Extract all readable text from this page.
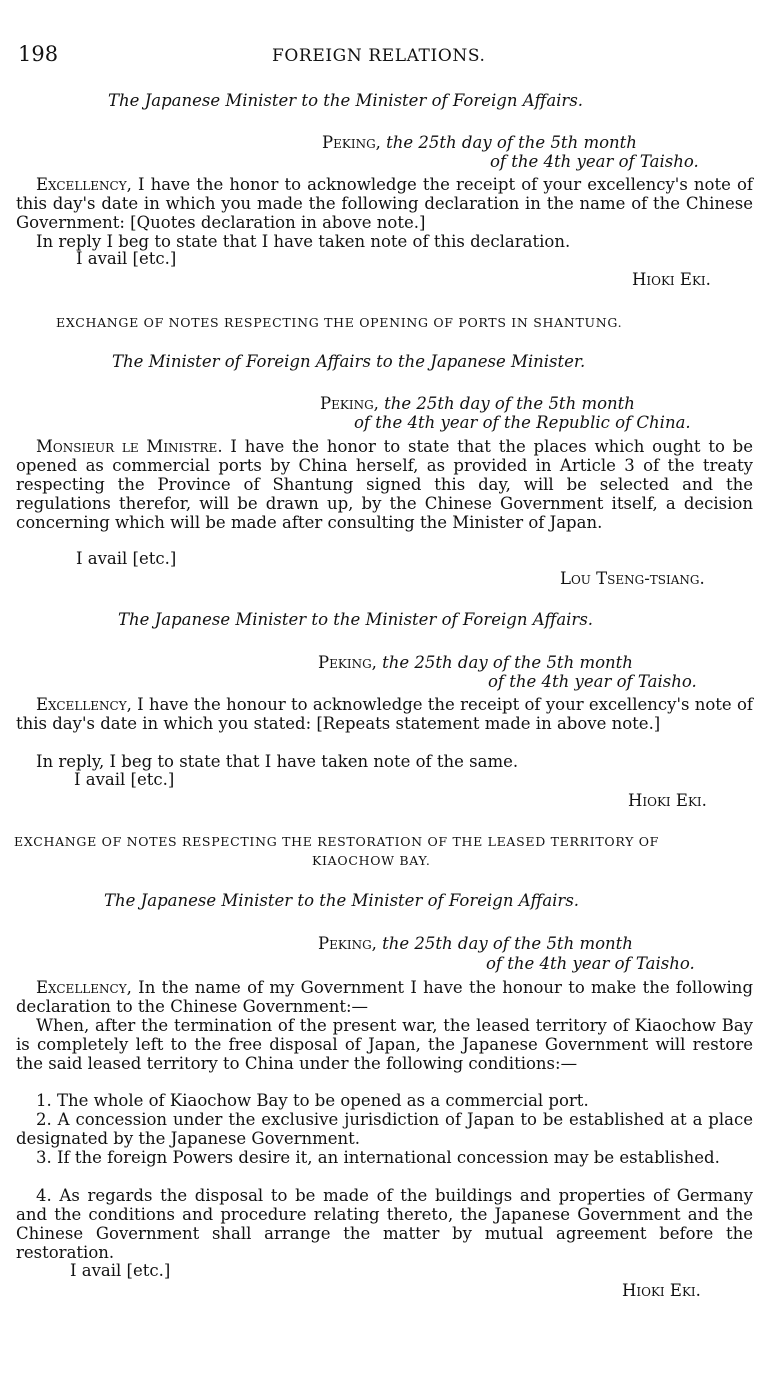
198	FOREIGN RELATIONS.
The Japanese Minister to the Minister of Foreign Affairs.
Peking, the 25th day of the 5th month
of the 4th year of Taisho.
Excellency, I have the honor to acknowledge the receipt of your excellency's note of this day's date in which you made the following declaration in the name of the Chinese Government: [Quotes declaration in above note.]
In reply I beg to state that I have taken note of this declaration.
I avail [etc.]
Hioki Eki.
EXCHANGE OF NOTES RESPECTING THE OPENING OF PORTS IN SHANTUNG.
The Minister of Foreign Affairs to the Japanese Minister.
Peking, the 25th day of the 5th month
of the 4th year of the Republic of China.
Monsieur le Ministre. I have the honor to state that the places which ought to be opened as commercial ports by China herself, as provided in Article 3 of the treaty respecting the Province of Shantung signed this day, will be selected and the regulations therefor, will be drawn up, by the Chinese Government itself, a decision concerning which will be made after consulting the Minister of Japan.
I avail [etc.]
Lou Tseng-tsiang.
The Japanese Minister to the Minister of Foreign Affairs.
Peking, the 25th day of the 5th month
of the 4th year of Taisho.
Excellency, I have the honour to acknowledge the receipt of your excellency's note of this day's date in which you stated: [Repeats statement made in above note.]
In reply, I beg to state that I have taken note of the same.
I avail [etc.]
Hioki Eki.
EXCHANGE OF NOTES RESPECTING THE RESTORATION OF THE LEASED TERRITORY OF
KIAOCHOW BAY.
The Japanese Minister to the Minister of Foreign Affairs.
Peking, the 25th day of the 5th month
of the 4th year of Taisho.
Excellency, In the name of my Government I have the honour to make the following declaration to the Chinese Government:—
When, after the termination of the present war, the leased territory of Kiaochow Bay is completely left to the free disposal of Japan, the Japanese Government will restore the said leased territory to China under the following conditions:—
1. The whole of Kiaochow Bay to be opened as a commercial port.
2. A concession under the exclusive jurisdiction of Japan to be established at a place designated by the Japanese Government.
3. If the foreign Powers desire it, an international concession may be established.
4. As regards the disposal to be made of the buildings and properties of Germany and the conditions and procedure relating thereto, the Japanese Government and the Chinese Government shall arrange the matter by mutual agreement before the restoration.
I avail [etc.]
Hioki Eki.
